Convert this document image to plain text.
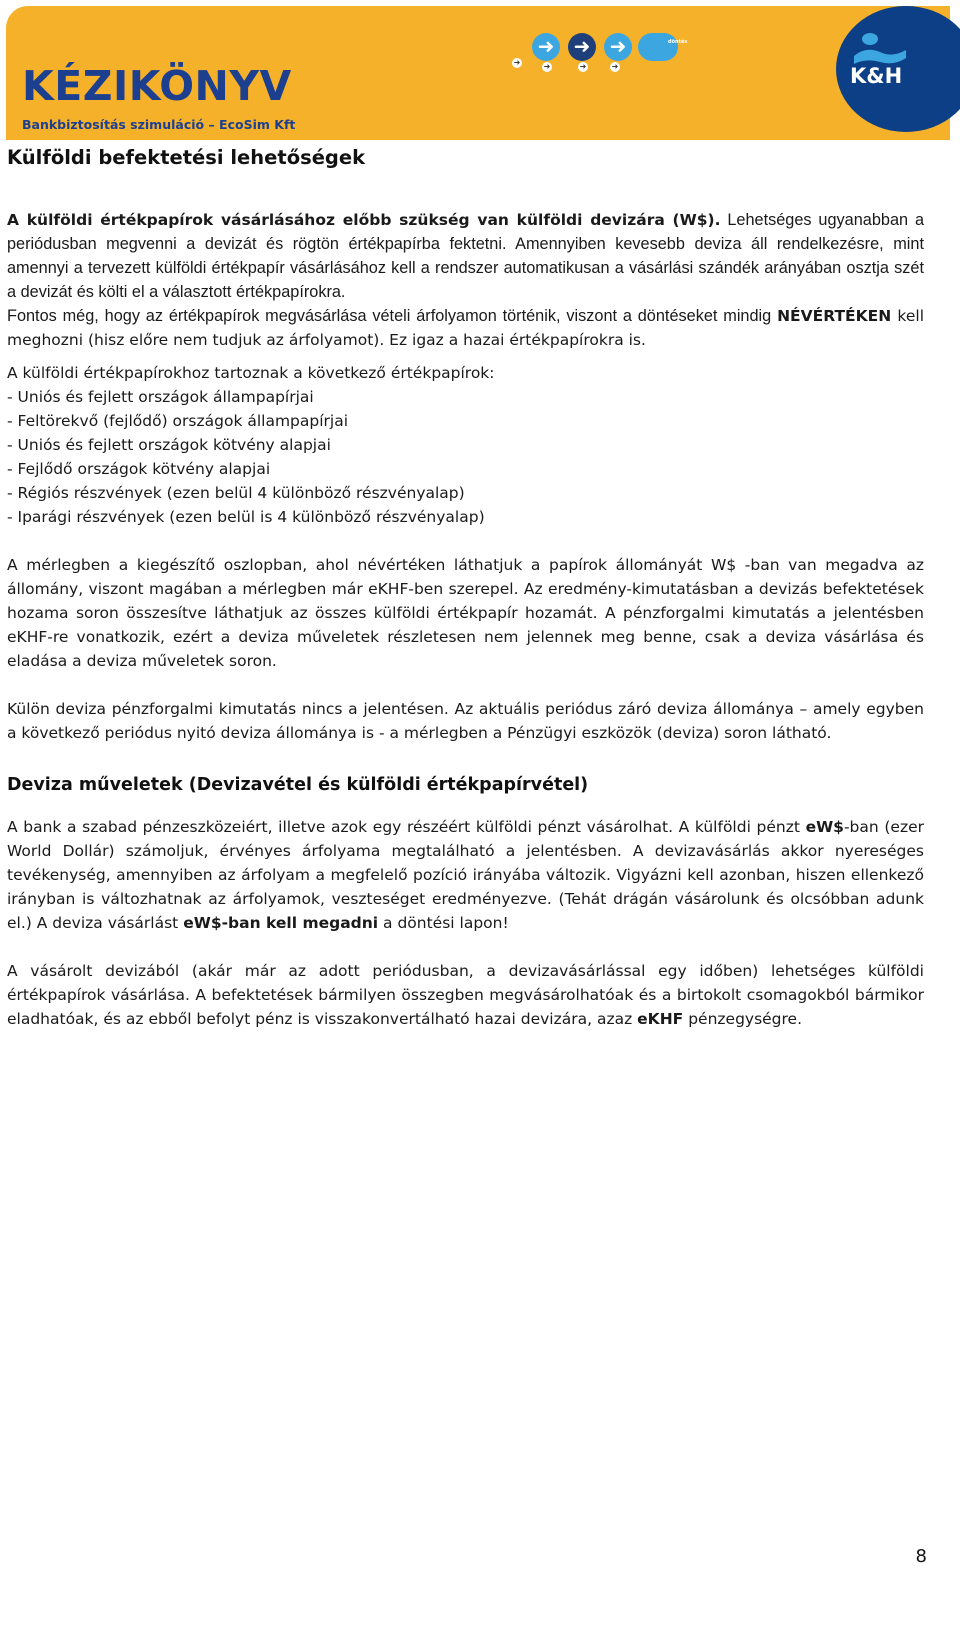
KÉZIKÖNYV
Bankbiztosítás szimuláció – EcoSim Kft
➜
➜
➜
➜
➜
➜
➜
döntés
K&H
Külföldi befektetési lehetőségek

A külföldi értékpapírok vásárlásához előbb szükség van külföldi devizára (W$). Lehetséges ugyanabban a periódusban megvenni a devizát és rögtön értékpapírba fektetni. Amennyiben kevesebb deviza áll rendelkezésre, mint amennyi a tervezett külföldi értékpapír vásárlásához kell a rendszer automatikusan a vásárlási szándék arányában osztja szét a devizát és költi el a választott értékpapírokra.
Fontos még, hogy az értékpapírok megvásárlása vételi árfolyamon történik, viszont a döntéseket mindig NÉVÉRTÉKEN kell meghozni (hisz előre nem tudjuk az árfolyamot). Ez igaz a hazai értékpapírokra is.

A külföldi értékpapírokhoz tartoznak a következő értékpapírok:

- Uniós és fejlett országok állampapírjai
- Feltörekvő (fejlődő) országok állampapírjai
- Uniós és fejlett országok kötvény alapjai
- Fejlődő országok kötvény alapjai
- Régiós részvények (ezen belül 4 különböző részvényalap)
- Iparági részvények (ezen belül is 4 különböző részvényalap)

A mérlegben a kiegészítő oszlopban, ahol névértéken láthatjuk a papírok állományát W$ -ban van megadva az állomány, viszont magában a mérlegben már eKHF-ben szerepel. Az eredmény-kimutatásban a devizás befektetések hozama soron összesítve láthatjuk az összes külföldi értékpapír hozamát. A pénzforgalmi kimutatás a jelentésben eKHF-re vonatkozik, ezért a deviza műveletek részletesen nem jelennek meg benne, csak a deviza vásárlása és eladása a deviza műveletek soron.

Külön deviza pénzforgalmi kimutatás nincs a jelentésen. Az aktuális periódus záró deviza állománya – amely egyben a következő periódus nyitó deviza állománya is - a mérlegben a Pénzügyi eszközök (deviza) soron látható.

Deviza műveletek (Devizavétel és külföldi értékpapírvétel)

A bank a szabad pénzeszközeiért, illetve azok egy részéért külföldi pénzt vásárolhat. A külföldi pénzt eW$-ban (ezer World Dollár) számoljuk, érvényes árfolyama megtalálható a jelentésben. A devizavásárlás akkor nyereséges tevékenység, amennyiben az árfolyam a megfelelő pozíció irányába változik. Vigyázni kell azonban, hiszen ellenkező irányban is változhatnak az árfolyamok, veszteséget eredményezve. (Tehát drágán vásárolunk és olcsóbban adunk el.) A deviza vásárlást eW$-ban kell megadni a döntési lapon!

A vásárolt devizából (akár már az adott periódusban, a devizavásárlással egy időben) lehetséges külföldi értékpapírok vásárlása. A befektetések bármilyen összegben megvásárolhatóak és a birtokolt csomagokból bármikor eladhatóak, és az ebből befolyt pénz is visszakonvertálható hazai devizára, azaz eKHF pénzegységre.

8
